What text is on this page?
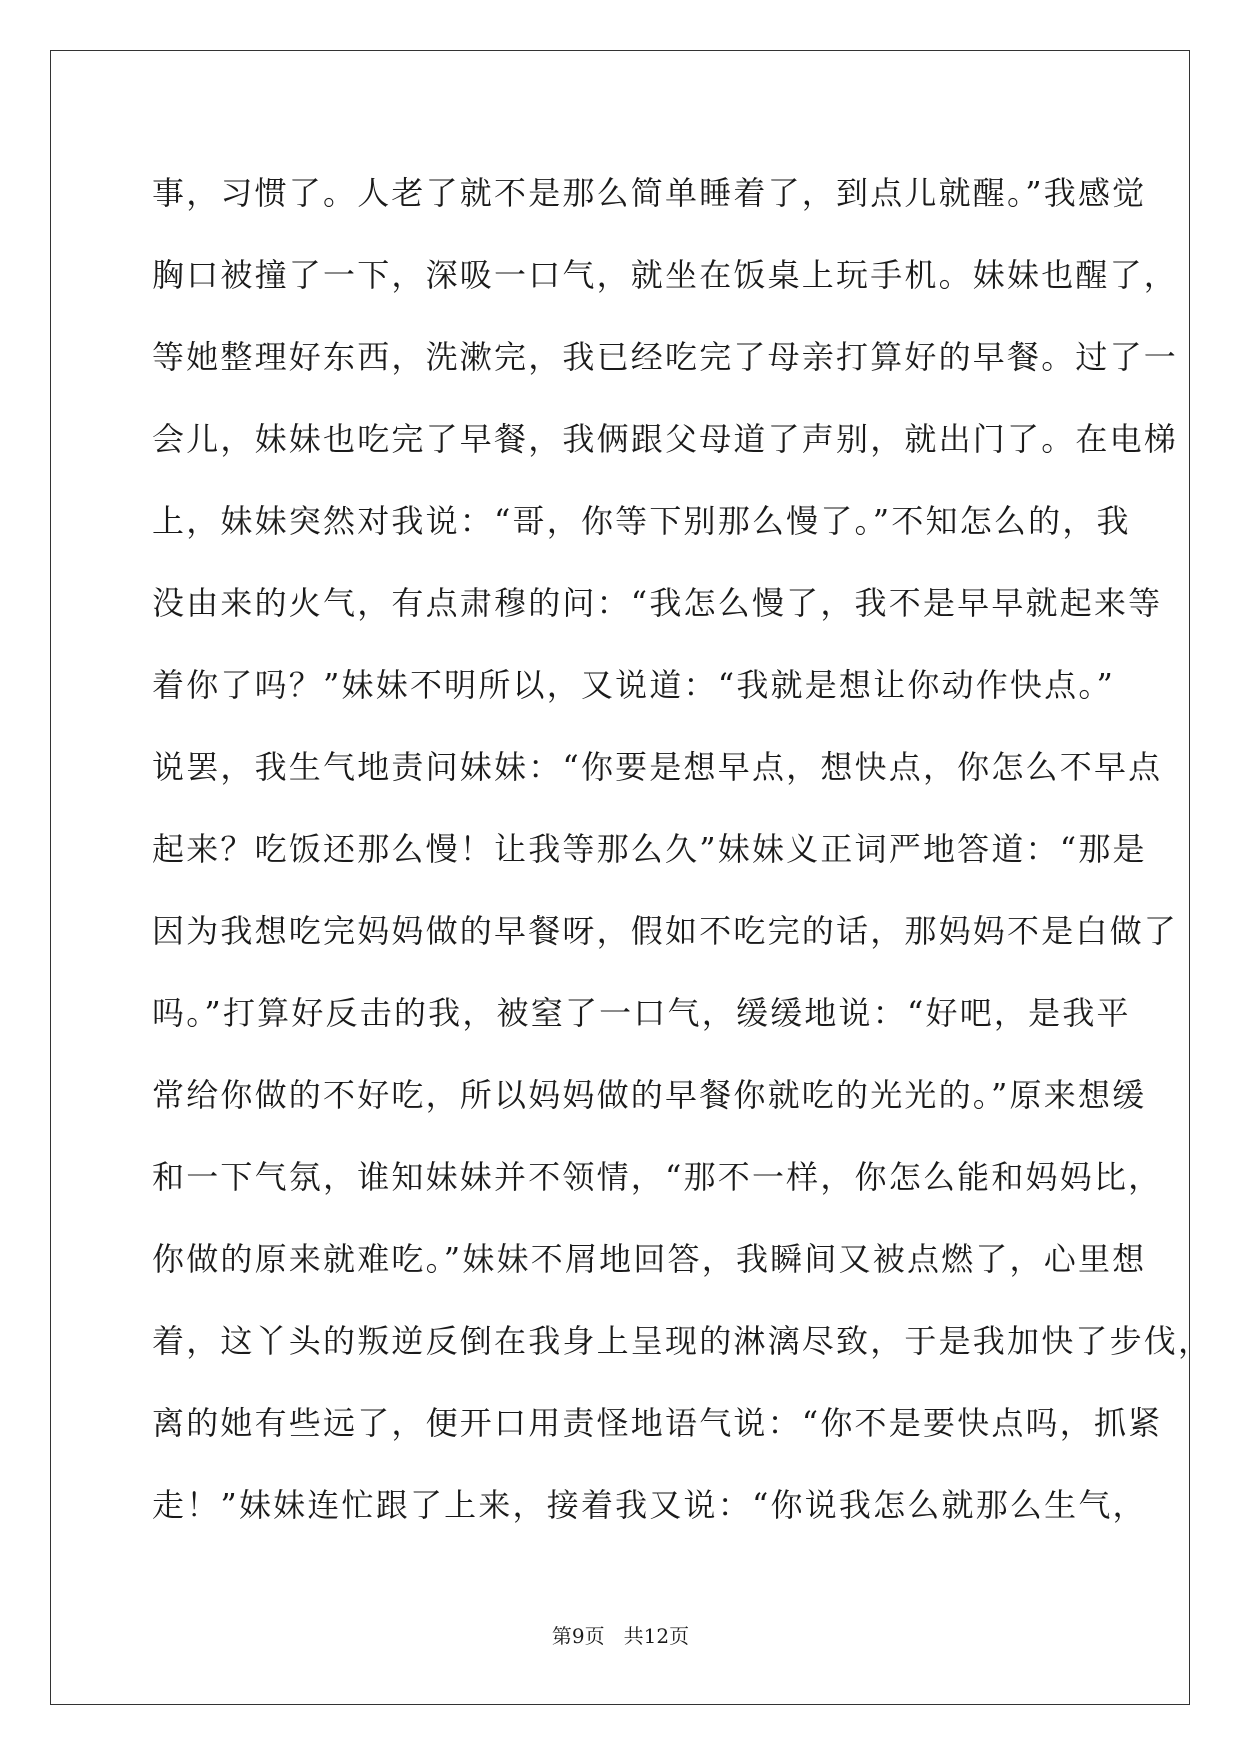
事，习惯了。人老了就不是那么简单睡着了，到点儿就醒。”我感觉
胸口被撞了一下，深吸一口气，就坐在饭桌上玩手机。妹妹也醒了，
等她整理好东西，洗漱完，我已经吃完了母亲打算好的早餐。过了一
会儿，妹妹也吃完了早餐，我俩跟父母道了声别，就出门了。在电梯
上，妹妹突然对我说：“哥，你等下别那么慢了。”不知怎么的，我
没由来的火气，有点肃穆的问：“我怎么慢了，我不是早早就起来等
着你了吗？”妹妹不明所以，又说道：“我就是想让你动作快点。”
说罢，我生气地责问妹妹：“你要是想早点，想快点，你怎么不早点
起来？吃饭还那么慢！让我等那么久”妹妹义正词严地答道：“那是
因为我想吃完妈妈做的早餐呀，假如不吃完的话，那妈妈不是白做了
吗。”打算好反击的我，被窒了一口气，缓缓地说：“好吧，是我平
常给你做的不好吃，所以妈妈做的早餐你就吃的光光的。”原来想缓
和一下气氛，谁知妹妹并不领情，“那不一样，你怎么能和妈妈比，
你做的原来就难吃。”妹妹不屑地回答，我瞬间又被点燃了，心里想
着，这丫头的叛逆反倒在我身上呈现的淋漓尽致，于是我加快了步伐，
离的她有些远了，便开口用责怪地语气说：“你不是要快点吗，抓紧
走！”妹妹连忙跟了上来，接着我又说：“你说我怎么就那么生气，
第9页   共12页
